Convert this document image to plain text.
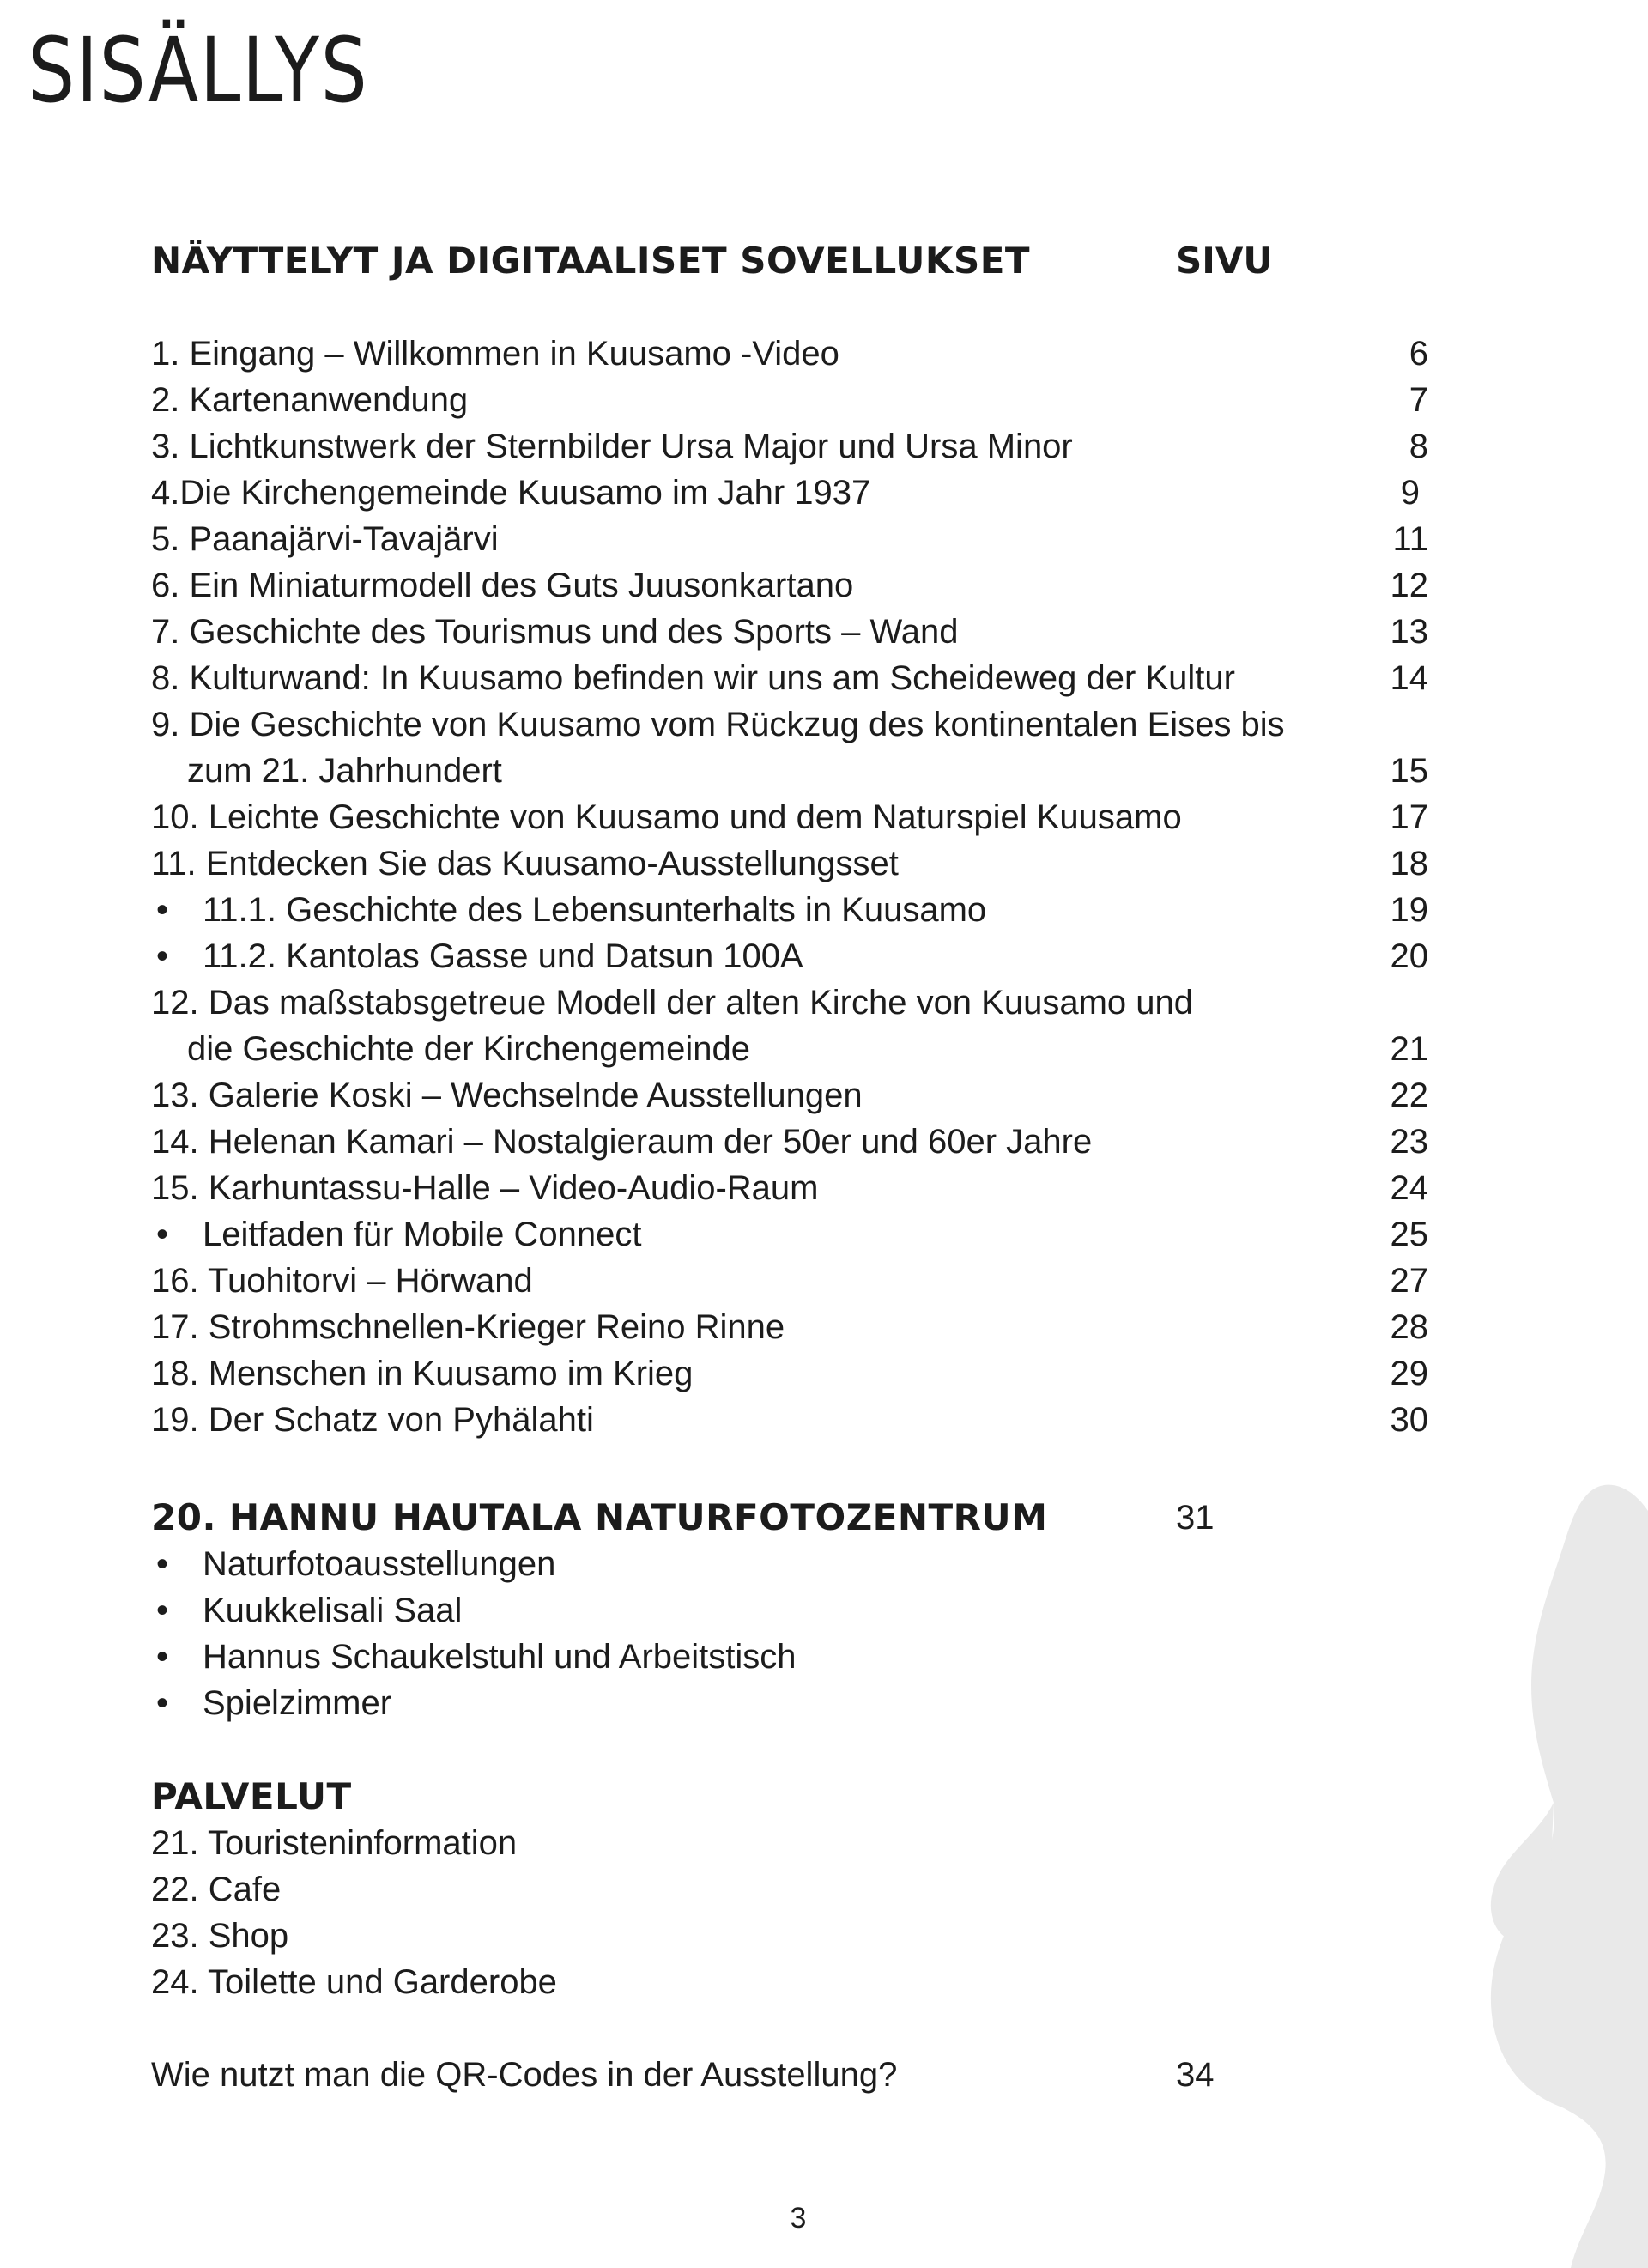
SISÄLLYS
NÄYTTELYT JA DIGITAALISET SOVELLUKSET	SIVU
1. Eingang – Willkommen in Kuusamo -Video	6
2. Kartenanwendung	7
3. Lichtkunstwerk der Sternbilder Ursa Major und Ursa Minor	8
4.Die Kirchengemeinde Kuusamo im Jahr 1937	9
5. Paanajärvi-Tavajärvi	11
6. Ein Miniaturmodell des Guts Juusonkartano	12
7. Geschichte des Tourismus und des Sports – Wand	13
8. Kulturwand: In Kuusamo befinden wir uns am Scheideweg der Kultur	14
9. Die Geschichte von Kuusamo vom Rückzug des kontinentalen Eises bis
zum 21. Jahrhundert	15
10. Leichte Geschichte von Kuusamo und dem Naturspiel Kuusamo	17
11. Entdecken Sie das Kuusamo-Ausstellungsset	18
• 11.1. Geschichte des Lebensunterhalts in Kuusamo	19
• 11.2. Kantolas Gasse und Datsun 100A	20
12. Das maßstabsgetreue Modell der alten Kirche von Kuusamo und
die Geschichte der Kirchengemeinde	21
13. Galerie Koski – Wechselnde Ausstellungen	22
14. Helenan Kamari – Nostalgieraum der 50er und 60er Jahre	23
15. Karhuntassu-Halle – Video-Audio-Raum	24
• Leitfaden für Mobile Connect	25
16. Tuohitorvi – Hörwand	27
17. Strohmschnellen-Krieger Reino Rinne	28
18. Menschen in Kuusamo im Krieg	29
19. Der Schatz von Pyhälahti	30
20. HANNU HAUTALA NATURFOTOZENTRUM	31
• Naturfotoausstellungen
• Kuukkelisali Saal
• Hannus Schaukelstuhl und Arbeitstisch
• Spielzimmer
PALVELUT
21. Touristeninformation
22. Cafe
23. Shop
24. Toilette und Garderobe
Wie nutzt man die QR-Codes in der Ausstellung?	34
3
